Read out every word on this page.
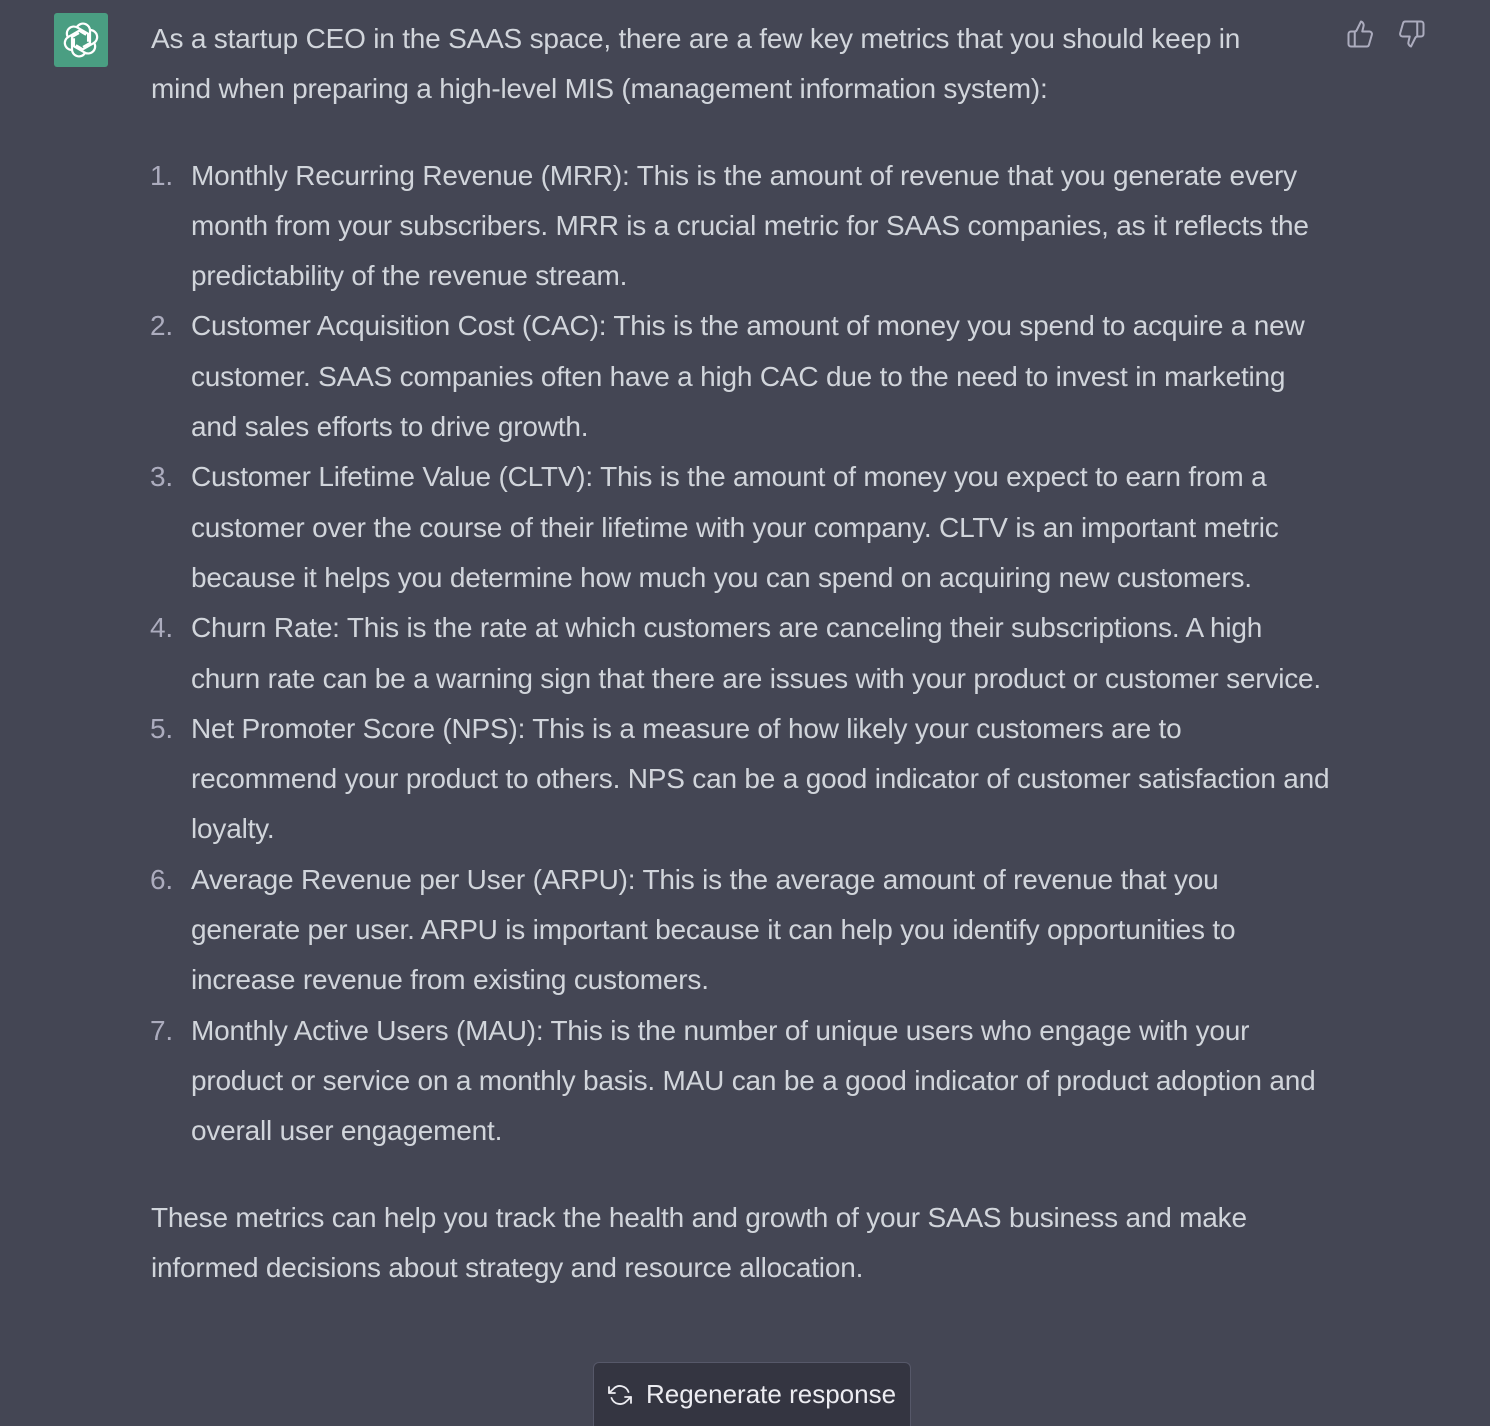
As a startup CEO in the SAAS space, there are a few key metrics that you should keep in mind when preparing a high-level MIS (management information system):

1. Monthly Recurring Revenue (MRR): This is the amount of revenue that you generate every month from your subscribers. MRR is a crucial metric for SAAS companies, as it reflects the predictability of the revenue stream.
2. Customer Acquisition Cost (CAC): This is the amount of money you spend to acquire a new customer. SAAS companies often have a high CAC due to the need to invest in marketing and sales efforts to drive growth.
3. Customer Lifetime Value (CLTV): This is the amount of money you expect to earn from a customer over the course of their lifetime with your company. CLTV is an important metric because it helps you determine how much you can spend on acquiring new customers.
4. Churn Rate: This is the rate at which customers are canceling their subscriptions. A high churn rate can be a warning sign that there are issues with your product or customer service.
5. Net Promoter Score (NPS): This is a measure of how likely your customers are to recommend your product to others. NPS can be a good indicator of customer satisfaction and loyalty.
6. Average Revenue per User (ARPU): This is the average amount of revenue that you generate per user. ARPU is important because it can help you identify opportunities to increase revenue from existing customers.
7. Monthly Active Users (MAU): This is the number of unique users who engage with your product or service on a monthly basis. MAU can be a good indicator of product adoption and overall user engagement.

These metrics can help you track the health and growth of your SAAS business and make informed decisions about strategy and resource allocation.

Regenerate response
